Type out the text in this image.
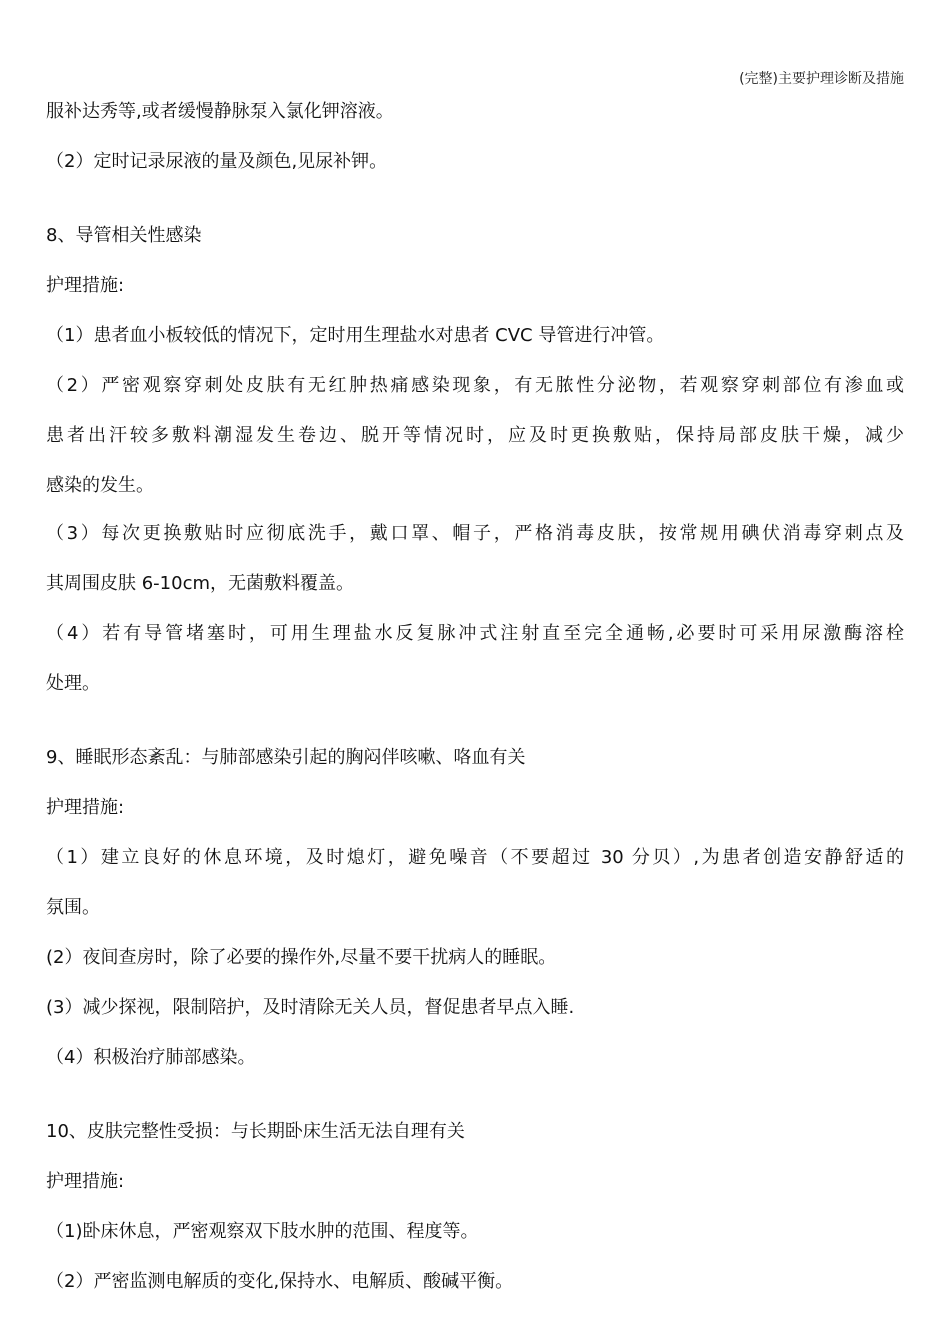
(完整)主要护理诊断及措施
服补达秀等,或者缓慢静脉泵入氯化钾溶液。
（2）定时记录尿液的量及颜色,见尿补钾。
8、导管相关性感染
护理措施:
（1）患者血小板较低的情况下，定时用生理盐水对患者 CVC 导管进行冲管。
（2）严密观察穿刺处皮肤有无红肿热痛感染现象，有无脓性分泌物，若观察穿刺部位有渗血或
患者出汗较多敷料潮湿发生卷边、脱开等情况时，应及时更换敷贴，保持局部皮肤干燥，减少
感染的发生。
（3）每次更换敷贴时应彻底洗手，戴口罩、帽子，严格消毒皮肤，按常规用碘伏消毒穿刺点及
其周围皮肤 6-10cm，无菌敷料覆盖。
（4）若有导管堵塞时，可用生理盐水反复脉冲式注射直至完全通畅,必要时可采用尿激酶溶栓
处理。
9、睡眠形态紊乱：与肺部感染引起的胸闷伴咳嗽、咯血有关
护理措施:
（1）建立良好的休息环境，及时熄灯，避免噪音（不要超过 30 分贝）,为患者创造安静舒适的
氛围。
(2）夜间查房时，除了必要的操作外,尽量不要干扰病人的睡眠。
(3）减少探视，限制陪护，及时清除无关人员，督促患者早点入睡.
（4）积极治疗肺部感染。
10、皮肤完整性受损：与长期卧床生活无法自理有关
护理措施:
（1)卧床休息，严密观察双下肢水肿的范围、程度等。
（2）严密监测电解质的变化,保持水、电解质、酸碱平衡。
